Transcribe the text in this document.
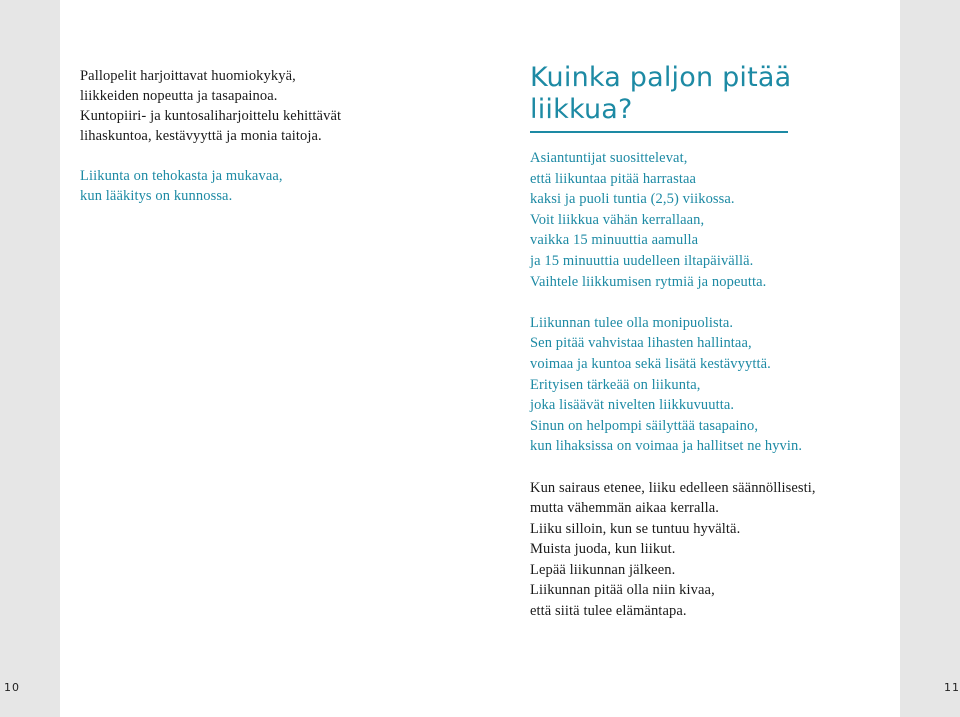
Pallopelit harjoittavat huomiokykyä,
liikkeiden nopeutta ja tasapainoa.
Kuntopiiri- ja kuntosaliharjoittelu kehittävät
lihaskuntoa, kestävyyttä ja monia taitoja.

Liikunta on tehokasta ja mukavaa,
kun lääkitys on kunnossa.

Kuinka paljon pitää liikkua?

Asiantuntijat suosittelevat,
että liikuntaa pitää harrastaa
kaksi ja puoli tuntia (2,5) viikossa.
Voit liikkua vähän kerrallaan,
vaikka 15 minuuttia aamulla
ja 15 minuuttia uudelleen iltapäivällä.
Vaihtele liikkumisen rytmiä ja nopeutta.

Liikunnan tulee olla monipuolista.
Sen pitää vahvistaa lihasten hallintaa,
voimaa ja kuntoa sekä lisätä kestävyyttä.
Erityisen tärkeää on liikunta,
joka lisäävät nivelten liikkuvuutta.
Sinun on helpompi säilyttää tasapaino,
kun lihaksissa on voimaa ja hallitset ne hyvin.

Kun sairaus etenee, liiku edelleen säännöllisesti,
mutta vähemmän aikaa kerralla.
Liiku silloin, kun se tuntuu hyvältä.
Muista juoda, kun liikut.
Lepää liikunnan jälkeen.
Liikunnan pitää olla niin kivaa,
että siitä tulee elämäntapa.

10	11
